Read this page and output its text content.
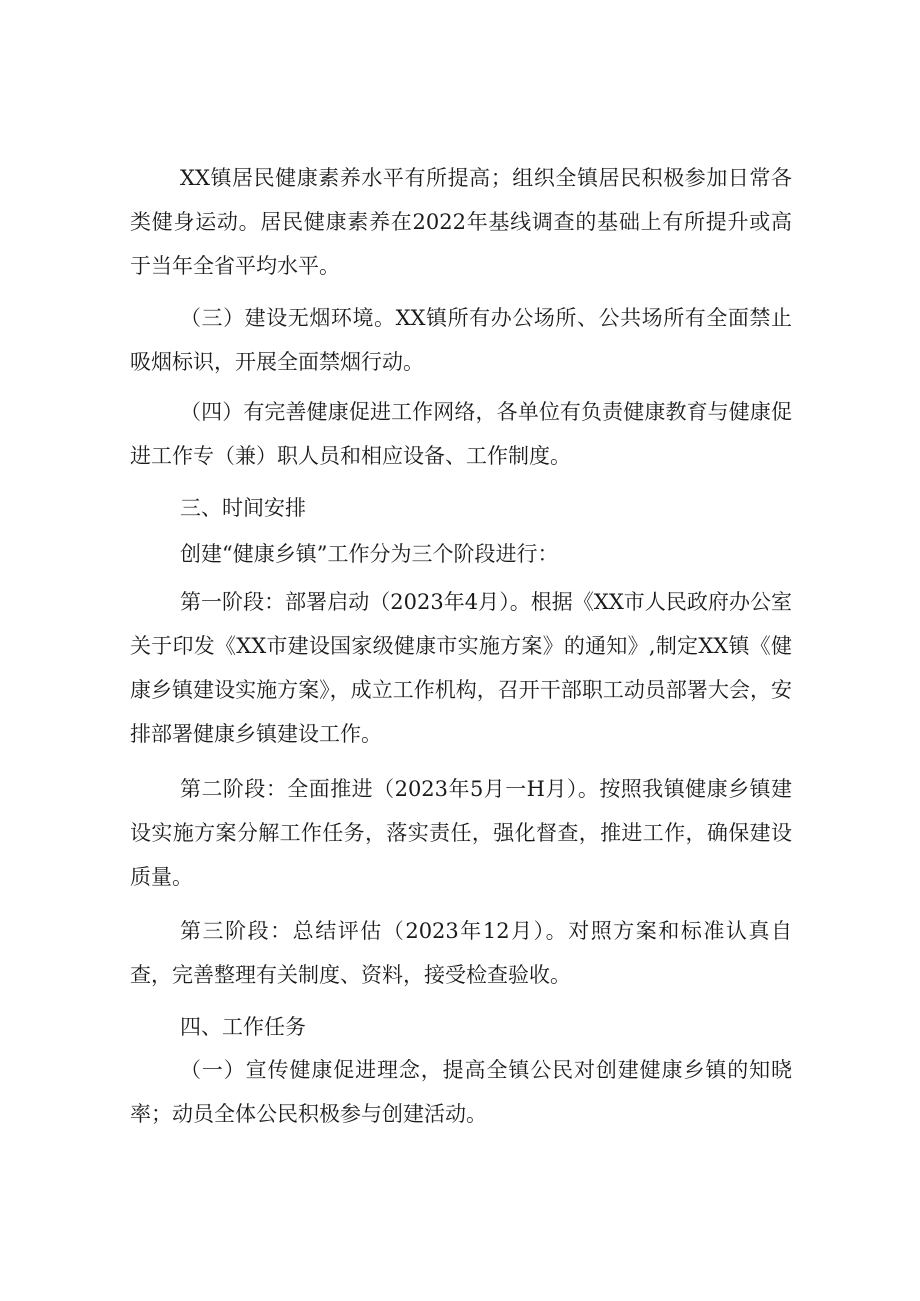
XX镇居民健康素养水平有所提高；组织全镇居民积极参加日常各类健身运动。居民健康素养在2022年基线调查的基础上有所提升或高于当年全省平均水平。

（三）建设无烟环境。XX镇所有办公场所、公共场所有全面禁止吸烟标识，开展全面禁烟行动。

（四）有完善健康促进工作网络，各单位有负责健康教育与健康促进工作专（兼）职人员和相应设备、工作制度。

三、时间安排

创建“健康乡镇”工作分为三个阶段进行：

第一阶段：部署启动（2023年4月）。根据《XX市人民政府办公室关于印发《XX市建设国家级健康市实施方案》的通知》,制定XX镇《健康乡镇建设实施方案》，成立工作机构，召开干部职工动员部署大会，安排部署健康乡镇建设工作。

第二阶段：全面推进（2023年5月一H月）。按照我镇健康乡镇建设实施方案分解工作任务，落实责任，强化督查，推进工作，确保建设质量。

第三阶段：总结评估（2023年12月）。对照方案和标准认真自查，完善整理有关制度、资料，接受检查验收。

四、工作任务

（一）宣传健康促进理念，提高全镇公民对创建健康乡镇的知晓率；动员全体公民积极参与创建活动。
